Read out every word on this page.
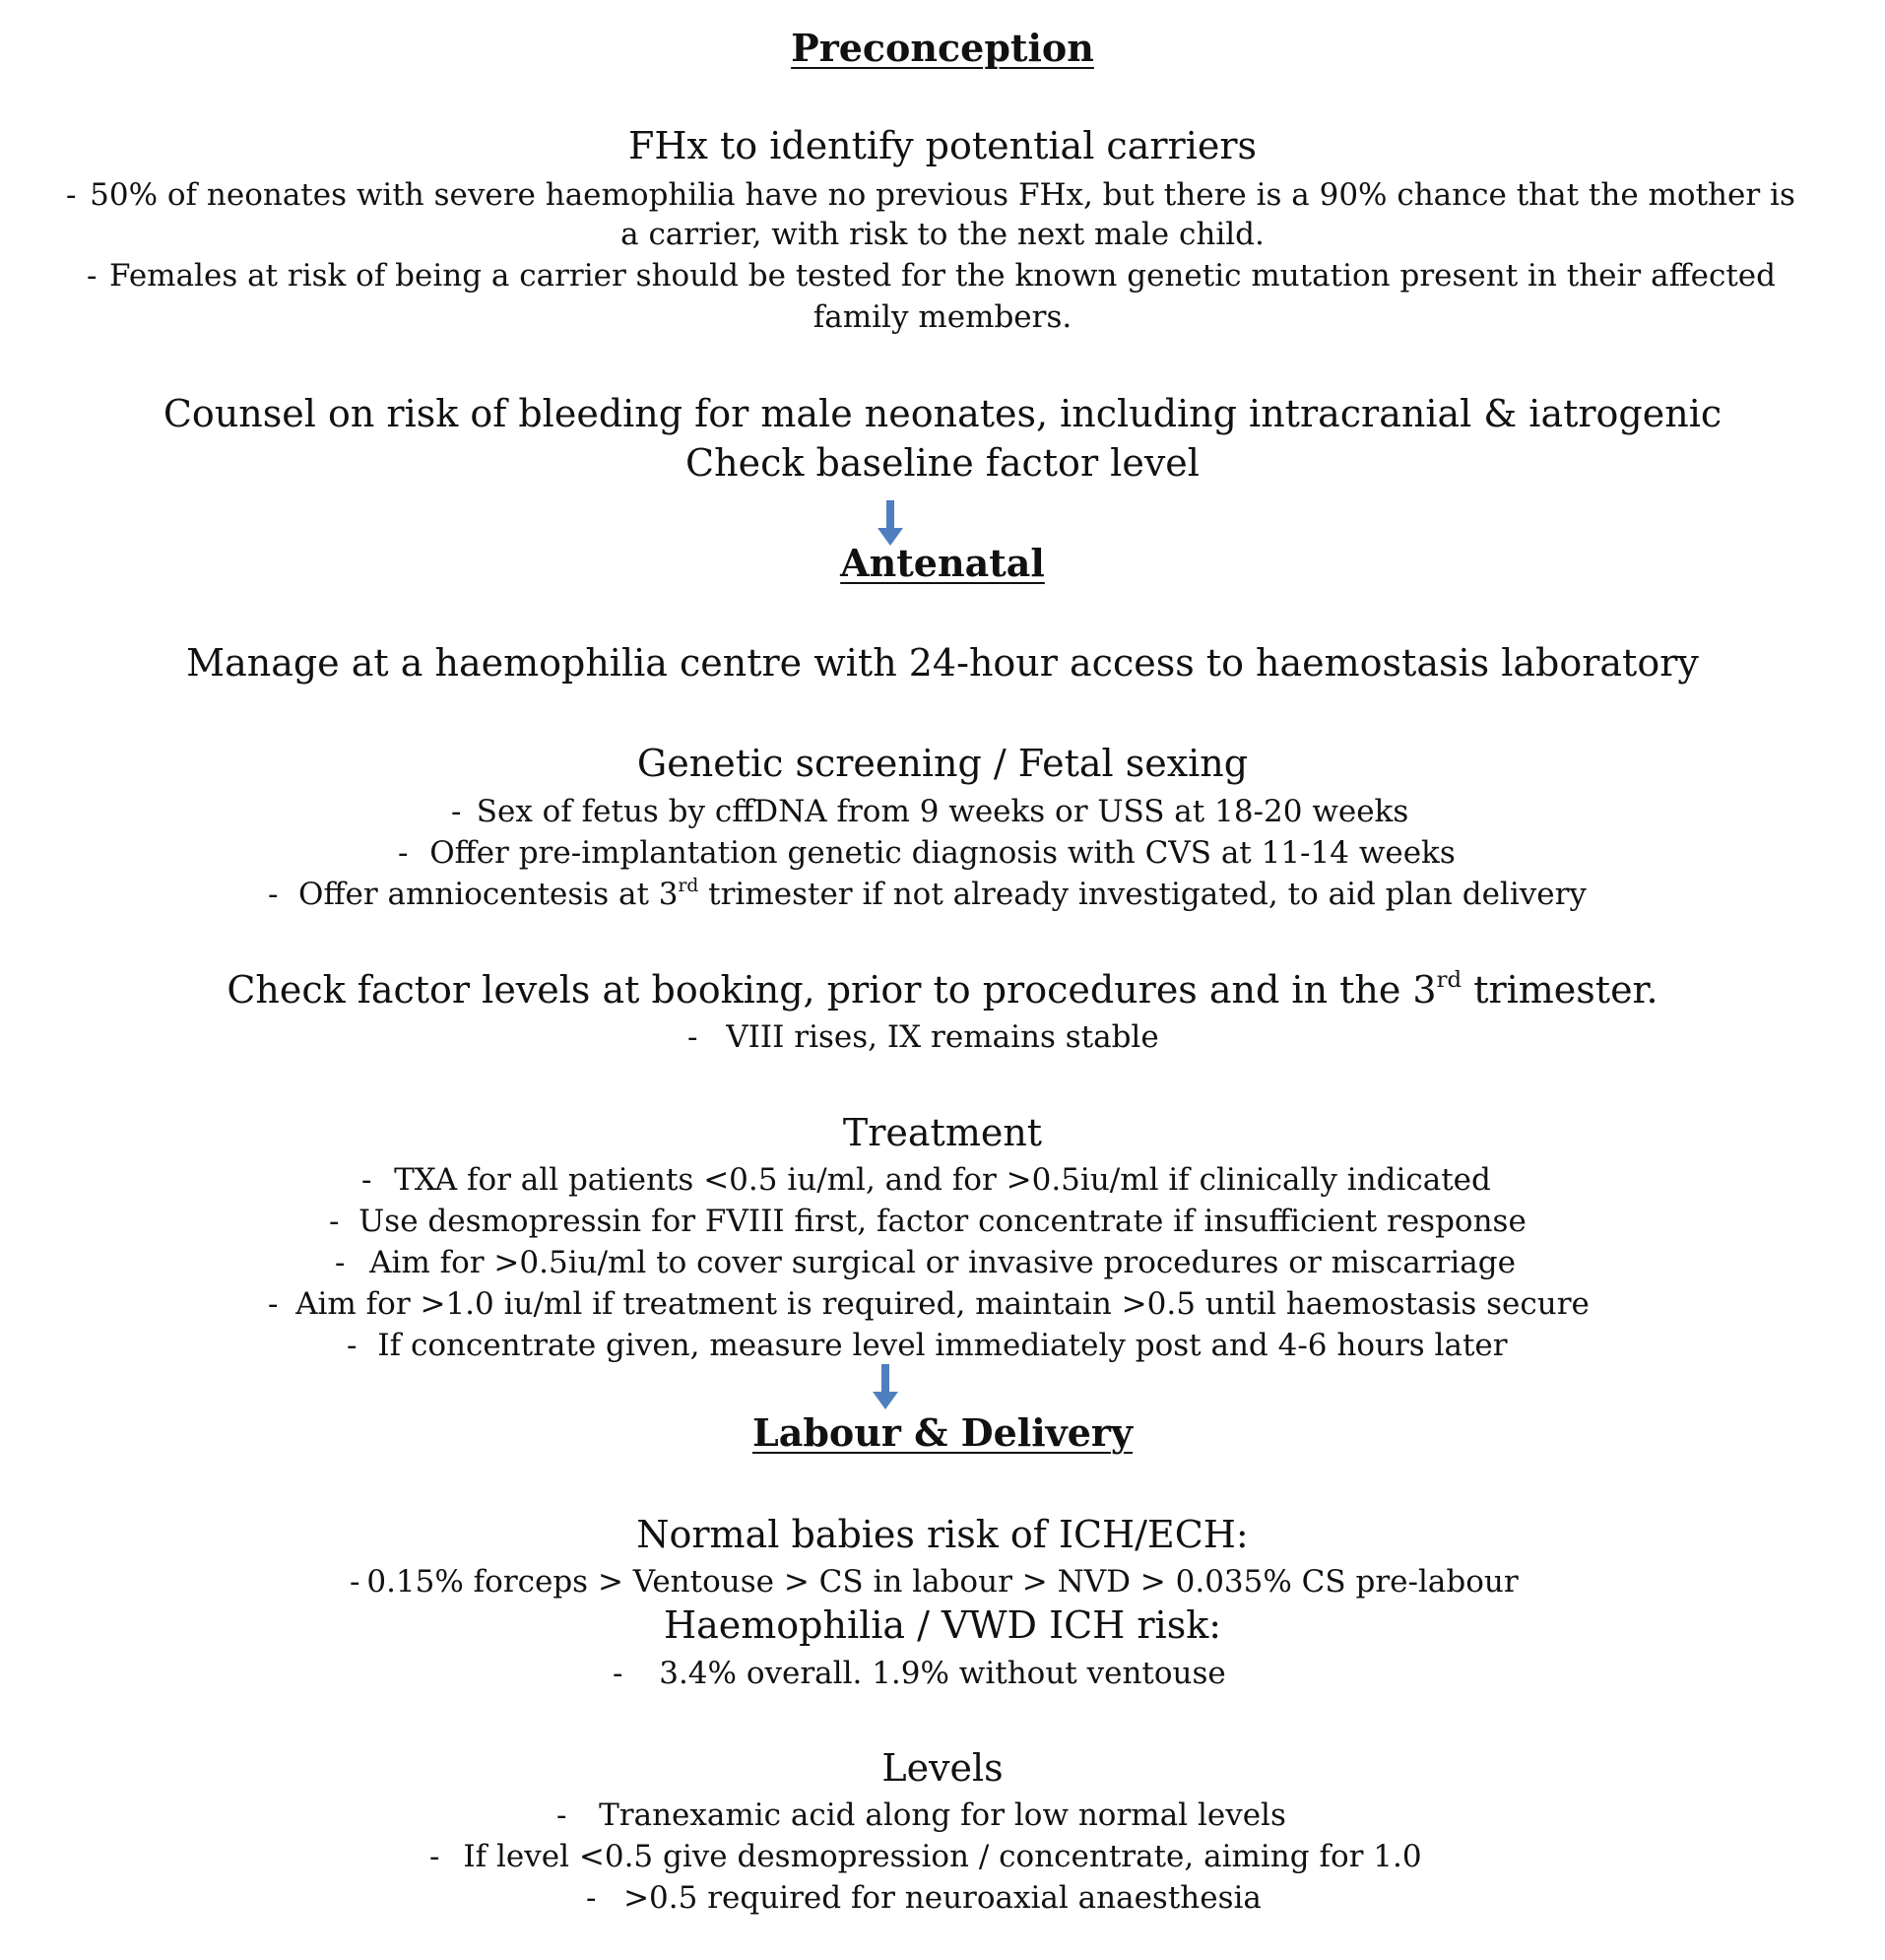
Preconception
FHx to identify potential carriers
- 50% of neonates with severe haemophilia have no previous FHx, but there is a 90% chance that the mother is
a carrier, with risk to the next male child.
- Females at risk of being a carrier should be tested for the known genetic mutation present in their affected
family members.
Counsel on risk of bleeding for male neonates, including intracranial & iatrogenic
Check baseline factor level
Antenatal
Manage at a haemophilia centre with 24-hour access to haemostasis laboratory
Genetic screening / Fetal sexing
- Sex of fetus by cffDNA from 9 weeks or USS at 18-20 weeks
- Offer pre-implantation genetic diagnosis with CVS at 11-14 weeks
- Offer amniocentesis at 3rd trimester if not already investigated, to aid plan delivery
Check factor levels at booking, prior to procedures and in the 3rd trimester.
- VIII rises, IX remains stable
Treatment
- TXA for all patients <0.5 iu/ml, and for >0.5iu/ml if clinically indicated
- Use desmopressin for FVIII first, factor concentrate if insufficient response
- Aim for >0.5iu/ml to cover surgical or invasive procedures or miscarriage
- Aim for >1.0 iu/ml if treatment is required, maintain >0.5 until haemostasis secure
- If concentrate given, measure level immediately post and 4-6 hours later
Labour & Delivery
Normal babies risk of ICH/ECH:
- 0.15% forceps > Ventouse > CS in labour > NVD > 0.035% CS pre-labour
Haemophilia / VWD ICH risk:
-	3.4% overall. 1.9% without ventouse
Levels
-	Tranexamic acid along for low normal levels
- If level <0.5 give desmopression / concentrate, aiming for 1.0
- >0.5 required for neuroaxial anaesthesia
